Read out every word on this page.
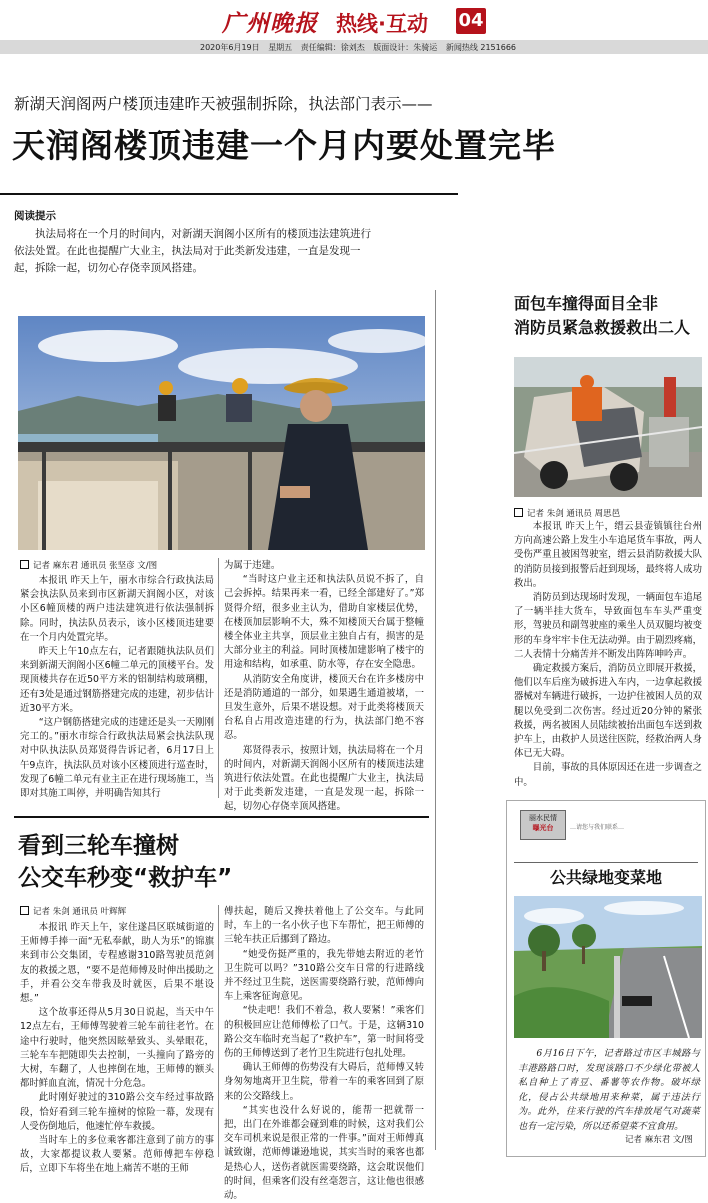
广州晚报 热线·互动 04
2020年6月19日 星期五 责任编辑：徐刘杰 版面设计：朱骑运 新闻热线 2151666
新湖天润阁两户楼顶违建昨天被强制拆除，执法部门表示——
天润阁楼顶违建一个月内要处置完毕
阅读提示
执法局将在一个月的时间内，对新湖天润阁小区所有的楼顶违法建筑进行依法处置。在此也提醒广大业主，执法局对于此类新发违建，一直是发现一起，拆除一起，切勿心存侥幸顶风搭建。
记者 麻东君 通讯员 张坚彦 文/图

本报讯 昨天上午，丽水市综合行政执法局紧会执法队员来到市区新湖天润阁小区，对该小区6幢顶楼的两户违法建筑进行依法强制拆除。同时，执法队员表示，该小区楼顶违建要在一个月内处置完毕。

昨天上午10点左右，记者跟随执法队员们来到新湖天润阁小区6幢二单元的顶楼平台。发现顶楼共存在近50平方米的铝制结构玻璃棚，还有3处是通过钢筋搭建完成的违建，初步估计近30平方米。

“这户钢筋搭建完成的违建还是头一天刚刚完工的。”丽水市综合行政执法局紧会执法队现对中队执法队员郑贤得告诉记者，6月17日上午9点许，执法队员对该小区楼顶进行巡查时，发现了6幢二单元有业主正在进行现场施工，当即对其施工叫停，并明确告知其行

为属于违建。

“当时这户业主还和执法队员说不拆了，自己会拆掉。结果再来一看，已经全部建好了。”郑贤得介绍，很多业主认为，借助自家楼层优势，在楼顶加层影响不大，殊不知楼顶天台属于整幢楼全体业主共享，顶层业主独自占有，损害的是大部分业主的利益。同时顶楼加建影响了楼宇的用途和结构，如承重、防水等，存在安全隐患。

从消防安全角度讲，楼顶天台在许多楼房中还是消防通道的一部分，如果遇生通道被堵，一旦发生意外，后果不堪设想。对于此类将楼顶天台私自占用改造违建的行为，执法部门绝不容忍。

郑贤得表示，按照计划，执法局将在一个月的时间内，对新湖天润阁小区所有的楼顶违法建筑进行依法处置。在此也提醒广大业主，执法局对于此类新发违建，一直是发现一起，拆除一起，切勿心存侥幸顶风搭建。

看到三轮车撞树
公交车秒变“救护车”
记者 朱剑 通讯员 叶辉辉

本报讯 昨天上午，家住遂昌区联城街道的王师傅手捧一面“无私奉献，助人为乐”的锦旗来到市公交集团，专程感谢310路驾驶员范剑友的救援之恩，“要不是范师傅及时伸出援助之手，并看公交车带我及时就医，后果不堪设想。”

这个故事还得从5月30日说起，当天中午12点左右，王师傅驾驶着三轮车前往老竹。在途中行驶时，他突然因眩晕致头、头晕眼花，三轮车车把随即失去控制，一头撞向了路旁的大树，车翻了，人也摔倒在地，王师傅的额头都时鲜血直流，情况十分危急。

此时刚好驶过的310路公交车经过事故路段，恰好看到三轮车撞树的惊险一幕，发现有人受伤倒地后，他速忙停车救援。

当时车上的多位乘客都注意到了前方的事故，大家都提议救人要紧。范师傅把车停稳后，立即下车将坐在地上痛苦不堪的王师

傅扶起，随后又搀扶着他上了公交车。与此同时，车上的一名小伙子也下车帮忙，把王师傅的三轮车扶正后挪到了路边。

“她受伤挺严重的，我先带她去附近的老竹卫生院可以吗？”310路公交车日常的行进路线并不经过卫生院，送医需要绕路行驶，范师傅向车上乘客征询意见。

“快走吧！我们不着急，救人要紧！”乘客们的积极回应让范师傅松了口气。于是，这辆310路公交车临时充当起了“救护车”，第一时间将受伤的王师傅送到了老竹卫生院进行包扎处理。

确认王师傅的伤势没有大碍后，范师傅又转身匆匆地离开卫生院，带着一车的乘客回到了原来的公交路线上。

“其实也没什么好说的，能帮一把就帮一把，出门在外谁都会碰到难的时候，这对我们公交车司机来说是很正常的一件事。”面对王师傅真诚致谢，范师傅谦逊地说，其实当时的乘客也都是热心人，送伤者就医需要绕路，这会耽误他们的时间，但乘客们没有丝毫怨言，这让他也很感动。

面包车撞得面目全非
消防员紧急救援救出二人
记者 朱剑 通讯员 周思邑

本报讯 昨天上午，缙云县壶镇镇往台州方向高速公路上发生小车追尾货车事故，两人受伤严重且被困驾驶室，缙云县消防救援大队的消防员接到报警后赶到现场，最终将人成功救出。

消防员到达现场时发现，一辆面包车追尾了一辆半挂大货车，导致面包车车头严重变形，驾驶员和副驾驶座的乘坐人员双腿均被变形的车身牢牢卡住无法动弹。由于剧烈疼痛，二人表情十分痛苦并不断发出阵阵呻吟声。

确定救援方案后，消防员立即展开救援，他们以车后座为破拆进入车内，一边拿起救援器械对车辆进行破拆，一边护住被困人员的双腿以免受到二次伤害。经过近20分钟的紧张救援，两名被困人员陆续被抬出面包车送到救护车上，由救护人员送往医院，经救治两人身体已无大碍。

目前，事故的具体原因还在进一步调查之中。

丽水民情
曝光台	…请您与我们联系…
公共绿地变菜地

6月16日下午，记者路过市区丰城路与丰港路路口时，发现该路口不少绿化带被人私自种上了青豆、番薯等农作物。破坏绿化，侵占公共绿地用来种菜，属于违法行为。此外，往来行驶的汽车排放尾气对蔬菜也有一定污染，所以还希望菜不宜食用。

记者 麻东君 文/图
